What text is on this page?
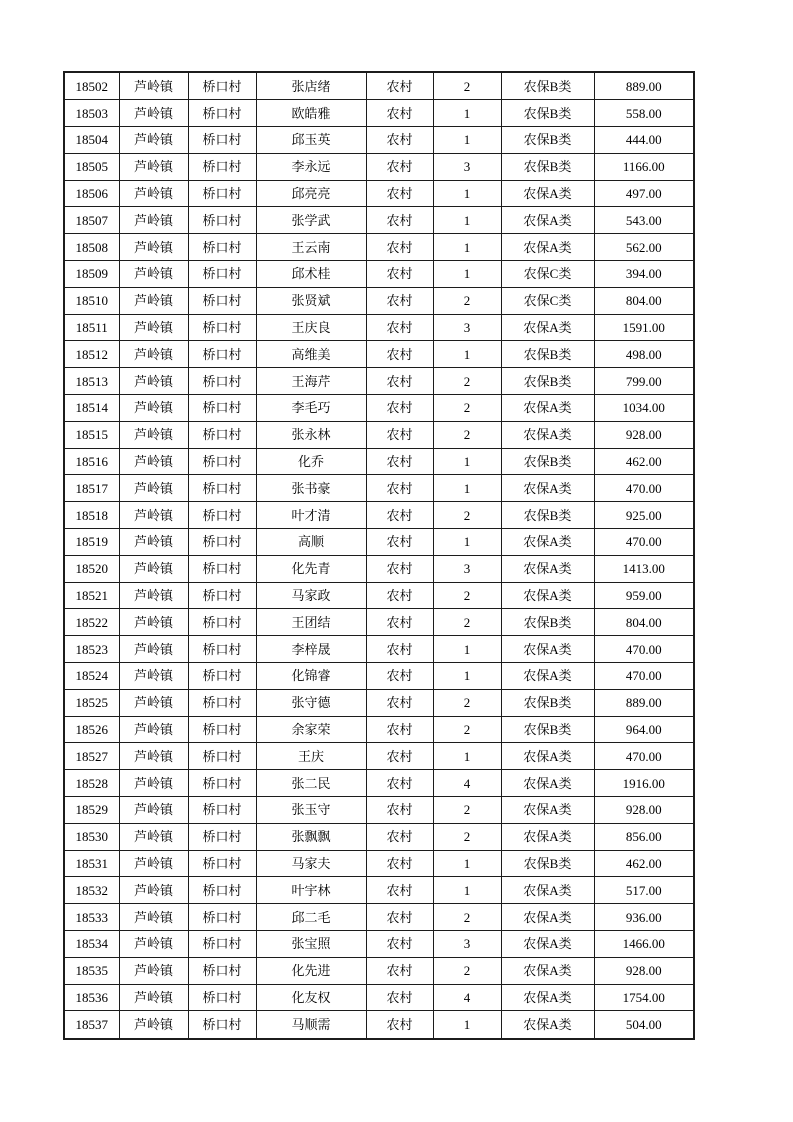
18502	芦岭镇	桥口村	张店绪	农村	2	农保B类	889.00
18503	芦岭镇	桥口村	欧皓雅	农村	1	农保B类	558.00
18504	芦岭镇	桥口村	邱玉英	农村	1	农保B类	444.00
18505	芦岭镇	桥口村	李永远	农村	3	农保B类	1166.00
18506	芦岭镇	桥口村	邱亮亮	农村	1	农保A类	497.00
18507	芦岭镇	桥口村	张学武	农村	1	农保A类	543.00
18508	芦岭镇	桥口村	王云南	农村	1	农保A类	562.00
18509	芦岭镇	桥口村	邱术桂	农村	1	农保C类	394.00
18510	芦岭镇	桥口村	张贤斌	农村	2	农保C类	804.00
18511	芦岭镇	桥口村	王庆良	农村	3	农保A类	1591.00
18512	芦岭镇	桥口村	高维美	农村	1	农保B类	498.00
18513	芦岭镇	桥口村	王海芹	农村	2	农保B类	799.00
18514	芦岭镇	桥口村	李毛巧	农村	2	农保A类	1034.00
18515	芦岭镇	桥口村	张永林	农村	2	农保A类	928.00
18516	芦岭镇	桥口村	化乔	农村	1	农保B类	462.00
18517	芦岭镇	桥口村	张书豪	农村	1	农保A类	470.00
18518	芦岭镇	桥口村	叶才清	农村	2	农保B类	925.00
18519	芦岭镇	桥口村	高顺	农村	1	农保A类	470.00
18520	芦岭镇	桥口村	化先青	农村	3	农保A类	1413.00
18521	芦岭镇	桥口村	马家政	农村	2	农保A类	959.00
18522	芦岭镇	桥口村	王团结	农村	2	农保B类	804.00
18523	芦岭镇	桥口村	李梓晟	农村	1	农保A类	470.00
18524	芦岭镇	桥口村	化锦睿	农村	1	农保A类	470.00
18525	芦岭镇	桥口村	张守德	农村	2	农保B类	889.00
18526	芦岭镇	桥口村	余家荣	农村	2	农保B类	964.00
18527	芦岭镇	桥口村	王庆	农村	1	农保A类	470.00
18528	芦岭镇	桥口村	张二民	农村	4	农保A类	1916.00
18529	芦岭镇	桥口村	张玉守	农村	2	农保A类	928.00
18530	芦岭镇	桥口村	张飘飘	农村	2	农保A类	856.00
18531	芦岭镇	桥口村	马家夫	农村	1	农保B类	462.00
18532	芦岭镇	桥口村	叶宇林	农村	1	农保A类	517.00
18533	芦岭镇	桥口村	邱二毛	农村	2	农保A类	936.00
18534	芦岭镇	桥口村	张宝照	农村	3	农保A类	1466.00
18535	芦岭镇	桥口村	化先进	农村	2	农保A类	928.00
18536	芦岭镇	桥口村	化友权	农村	4	农保A类	1754.00
18537	芦岭镇	桥口村	马顺需	农村	1	农保A类	504.00
